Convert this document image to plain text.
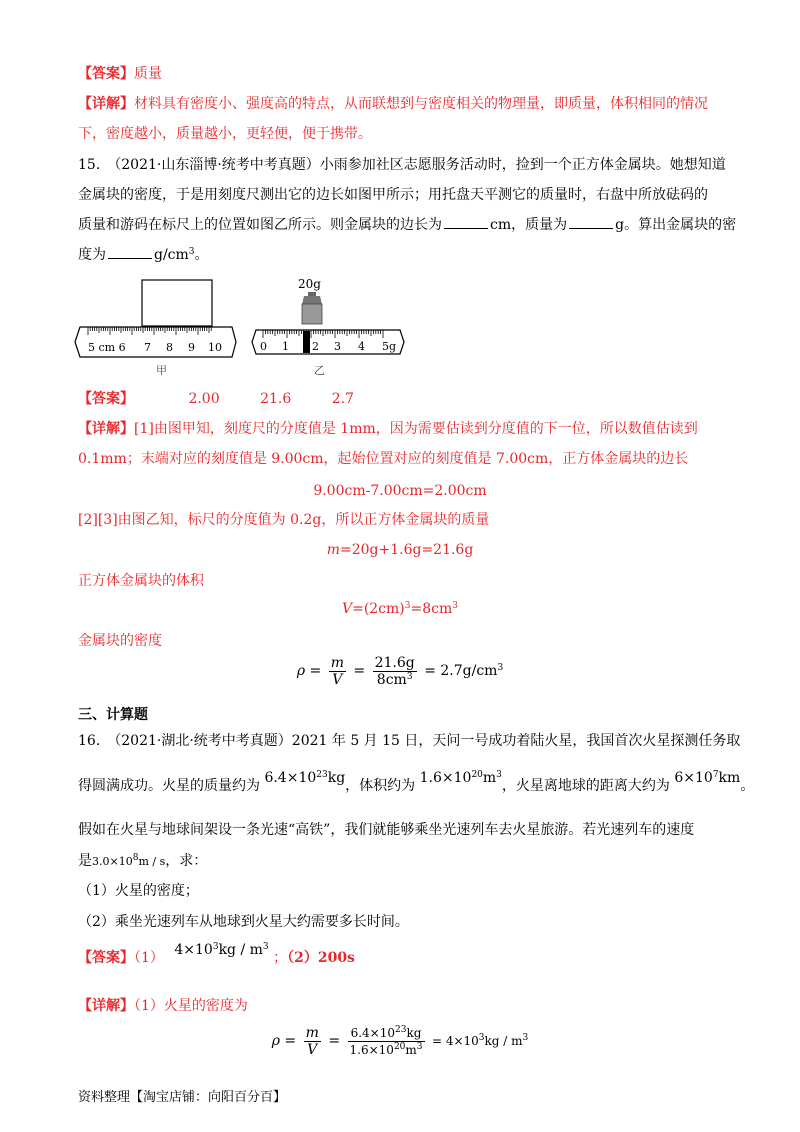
【答案】质量
【详解】材料具有密度小、强度高的特点，从而联想到与密度相关的物理量，即质量，体积相同的情况
下，密度越小，质量越小，更轻便，便于携带。
15.　（2021·山东淄博·统考中考真题）小雨参加社区志愿服务活动时，捡到一个正方体金属块。她想知道
金属块的密度，于是用刻度尺测出它的边长如图甲所示；用托盘天平测它的质量时，右盘中所放砝码的
质量和游码在标尺上的位置如图乙所示。则金属块的边长为	cm，质量为	g。算出金属块的密
度为	$g/cm^3$。
5 cm 6 7 8 9 10
甲
20g
0 1 2 3 4 5g
乙
【答案】	2.00	21.6	2.7
【详解】[1]由图甲知，刻度尺的分度值是 1mm，因为需要估读到分度值的下一位，所以数值估读到
0.1mm；末端对应的刻度值是 9.00cm，起始位置对应的刻度值是 7.00cm，正方体金属块的边长
9.00cm-7.00cm=2.00cm
[2][3]由图乙知，标尺的分度值为 0.2g，所以正方体金属块的质量
m=20g+1.6g=21.6g
正方体金属块的体积
$V=(2cm)^3=8cm^3$
金属块的密度
$\rho = \frac{m}{V} = \frac{21.6g}{8cm^3} = 2.7g/cm^3$
三、计算题
16.　（2021·湖北·统考中考真题）2021 年 5 月 15 日，天问一号成功着陆火星，我国首次火星探测任务取
得圆满成功。火星的质量约为 $6.4\times 10^{23}kg$，体积约为 $1.6\times 10^{20}m^3$，火星离地球的距离大约为 $6\times 10^7km$。
假如在火星与地球间架设一条光速“高铁”，我们就能够乘坐光速列车去火星旅游。若光速列车的速度
是$3.0\times 10^8m / s$，求：
（1）火星的密度；
（2）乘坐光速列车从地球到火星大约需要多长时间。
【答案】（1） $4\times 10^3kg / m^3$ ；（2）200s
【详解】（1）火星的密度为
$\rho = \frac{m}{V} = \frac{6.4\times 10^{23}kg}{1.6\times 10^{20}m^3} = 4\times 10^3kg / m^3$
资料整理【淘宝店铺：向阳百分百】
